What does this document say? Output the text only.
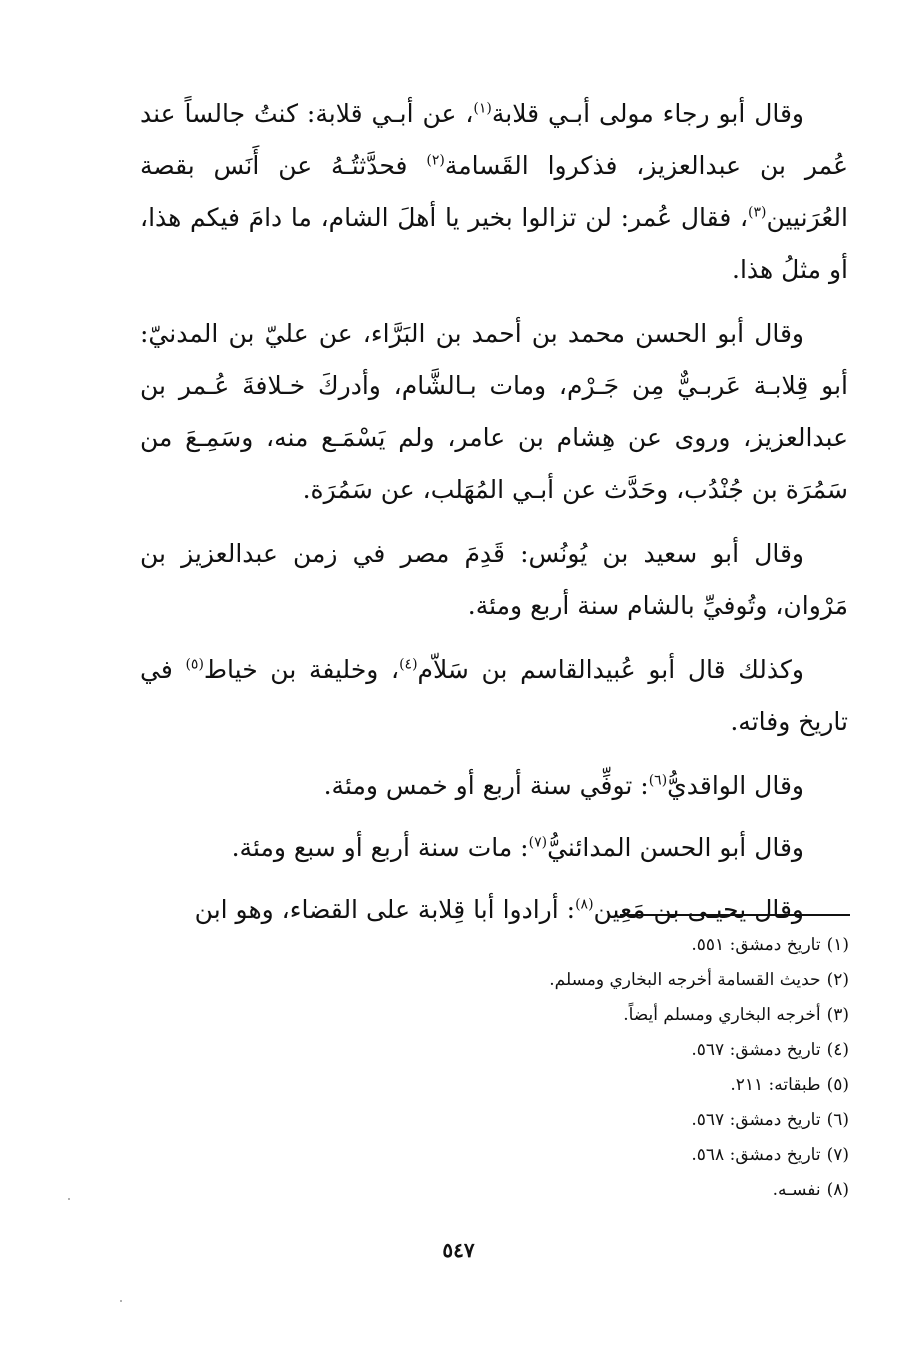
وقال أبو رجاء مولى أبـي قلابة$^{(١)}$، عن أبـي قلابة: كنتُ جالساً عند عُمر بن عبدالعزيز، فذكروا القَسامة$^{(٢)}$ فحدَّثتُـهُ عن أَنَس بقصة العُرَنيين$^{(٣)}$، فقال عُمر: لن تزالوا بخير يا أهلَ الشام، ما دامَ فيكم هذا، أو مثلُ هذا.

وقال أبو الحسن محمد بن أحمد بن البَرَّاء، عن عليّ بن المدنيّ: أبو قِلابـة عَربـيٌّ مِن جَـرْم، ومات بـالشَّام، وأدركَ خـلافةَ عُـمر بن عبدالعزيز، وروى عن هِشام بن عامر، ولم يَسْمَـع منه، وسَمِـعَ من سَمُرَة بن جُنْدُب، وحَدَّث عن أبـي المُهَلب، عن سَمُرَة.

وقال أبو سعيد بن يُونُس: قَدِمَ مصر في زمن عبدالعزيز بن مَرْوان، وتُوفيِّ بالشام سنة أربع ومئة.

وكذلك قال أبو عُبيدالقاسم بن سَلاّم$^{(٤)}$، وخليفة بن خياط$^{(٥)}$ في تاريخ وفاته.

وقال الواقديُّ$^{(٦)}$: توفِّي سنة أربع أو خمس ومئة.

وقال أبو الحسن المدائنيُّ$^{(٧)}$: مات سنة أربع أو سبع ومئة.

وقال يحيـى بن مَعِين$^{(٨)}$: أرادوا أبا قِلابة على القضاء، وهو ابن

(١)تاريخ دمشق: ٥٥١.
(٢)حديث القسامة أخرجه البخاري ومسلم.
(٣)أخرجه البخاري ومسلم أيضاً.
(٤)تاريخ دمشق: ٥٦٧.
(٥)طبقاته: ٢١١.
(٦)تاريخ دمشق: ٥٦٧.
(٧)تاريخ دمشق: ٥٦٨.
(٨)نفسـه.
٥٤٧
